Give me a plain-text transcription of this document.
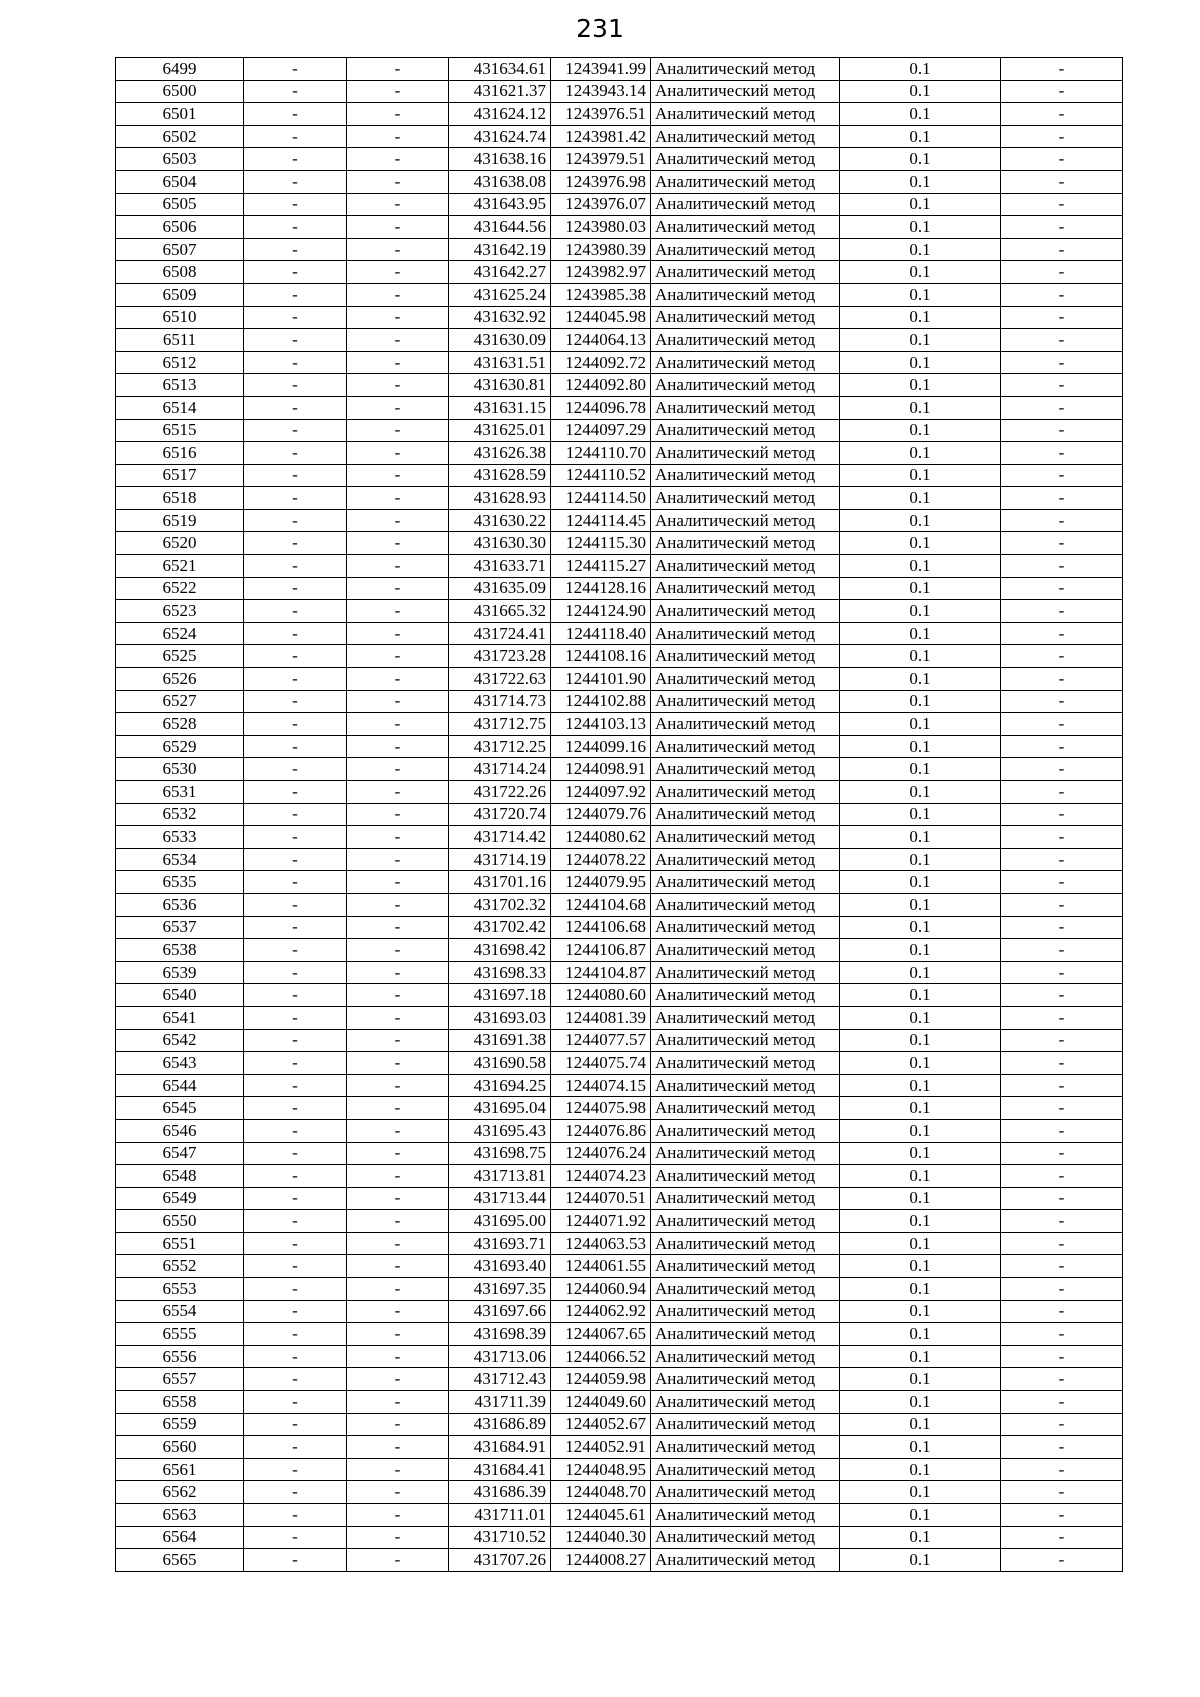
231
6499	-	-	431634.61	1243941.99	Аналитический метод	0.1	-
6500	-	-	431621.37	1243943.14	Аналитический метод	0.1	-
6501	-	-	431624.12	1243976.51	Аналитический метод	0.1	-
6502	-	-	431624.74	1243981.42	Аналитический метод	0.1	-
6503	-	-	431638.16	1243979.51	Аналитический метод	0.1	-
6504	-	-	431638.08	1243976.98	Аналитический метод	0.1	-
6505	-	-	431643.95	1243976.07	Аналитический метод	0.1	-
6506	-	-	431644.56	1243980.03	Аналитический метод	0.1	-
6507	-	-	431642.19	1243980.39	Аналитический метод	0.1	-
6508	-	-	431642.27	1243982.97	Аналитический метод	0.1	-
6509	-	-	431625.24	1243985.38	Аналитический метод	0.1	-
6510	-	-	431632.92	1244045.98	Аналитический метод	0.1	-
6511	-	-	431630.09	1244064.13	Аналитический метод	0.1	-
6512	-	-	431631.51	1244092.72	Аналитический метод	0.1	-
6513	-	-	431630.81	1244092.80	Аналитический метод	0.1	-
6514	-	-	431631.15	1244096.78	Аналитический метод	0.1	-
6515	-	-	431625.01	1244097.29	Аналитический метод	0.1	-
6516	-	-	431626.38	1244110.70	Аналитический метод	0.1	-
6517	-	-	431628.59	1244110.52	Аналитический метод	0.1	-
6518	-	-	431628.93	1244114.50	Аналитический метод	0.1	-
6519	-	-	431630.22	1244114.45	Аналитический метод	0.1	-
6520	-	-	431630.30	1244115.30	Аналитический метод	0.1	-
6521	-	-	431633.71	1244115.27	Аналитический метод	0.1	-
6522	-	-	431635.09	1244128.16	Аналитический метод	0.1	-
6523	-	-	431665.32	1244124.90	Аналитический метод	0.1	-
6524	-	-	431724.41	1244118.40	Аналитический метод	0.1	-
6525	-	-	431723.28	1244108.16	Аналитический метод	0.1	-
6526	-	-	431722.63	1244101.90	Аналитический метод	0.1	-
6527	-	-	431714.73	1244102.88	Аналитический метод	0.1	-
6528	-	-	431712.75	1244103.13	Аналитический метод	0.1	-
6529	-	-	431712.25	1244099.16	Аналитический метод	0.1	-
6530	-	-	431714.24	1244098.91	Аналитический метод	0.1	-
6531	-	-	431722.26	1244097.92	Аналитический метод	0.1	-
6532	-	-	431720.74	1244079.76	Аналитический метод	0.1	-
6533	-	-	431714.42	1244080.62	Аналитический метод	0.1	-
6534	-	-	431714.19	1244078.22	Аналитический метод	0.1	-
6535	-	-	431701.16	1244079.95	Аналитический метод	0.1	-
6536	-	-	431702.32	1244104.68	Аналитический метод	0.1	-
6537	-	-	431702.42	1244106.68	Аналитический метод	0.1	-
6538	-	-	431698.42	1244106.87	Аналитический метод	0.1	-
6539	-	-	431698.33	1244104.87	Аналитический метод	0.1	-
6540	-	-	431697.18	1244080.60	Аналитический метод	0.1	-
6541	-	-	431693.03	1244081.39	Аналитический метод	0.1	-
6542	-	-	431691.38	1244077.57	Аналитический метод	0.1	-
6543	-	-	431690.58	1244075.74	Аналитический метод	0.1	-
6544	-	-	431694.25	1244074.15	Аналитический метод	0.1	-
6545	-	-	431695.04	1244075.98	Аналитический метод	0.1	-
6546	-	-	431695.43	1244076.86	Аналитический метод	0.1	-
6547	-	-	431698.75	1244076.24	Аналитический метод	0.1	-
6548	-	-	431713.81	1244074.23	Аналитический метод	0.1	-
6549	-	-	431713.44	1244070.51	Аналитический метод	0.1	-
6550	-	-	431695.00	1244071.92	Аналитический метод	0.1	-
6551	-	-	431693.71	1244063.53	Аналитический метод	0.1	-
6552	-	-	431693.40	1244061.55	Аналитический метод	0.1	-
6553	-	-	431697.35	1244060.94	Аналитический метод	0.1	-
6554	-	-	431697.66	1244062.92	Аналитический метод	0.1	-
6555	-	-	431698.39	1244067.65	Аналитический метод	0.1	-
6556	-	-	431713.06	1244066.52	Аналитический метод	0.1	-
6557	-	-	431712.43	1244059.98	Аналитический метод	0.1	-
6558	-	-	431711.39	1244049.60	Аналитический метод	0.1	-
6559	-	-	431686.89	1244052.67	Аналитический метод	0.1	-
6560	-	-	431684.91	1244052.91	Аналитический метод	0.1	-
6561	-	-	431684.41	1244048.95	Аналитический метод	0.1	-
6562	-	-	431686.39	1244048.70	Аналитический метод	0.1	-
6563	-	-	431711.01	1244045.61	Аналитический метод	0.1	-
6564	-	-	431710.52	1244040.30	Аналитический метод	0.1	-
6565	-	-	431707.26	1244008.27	Аналитический метод	0.1	-
